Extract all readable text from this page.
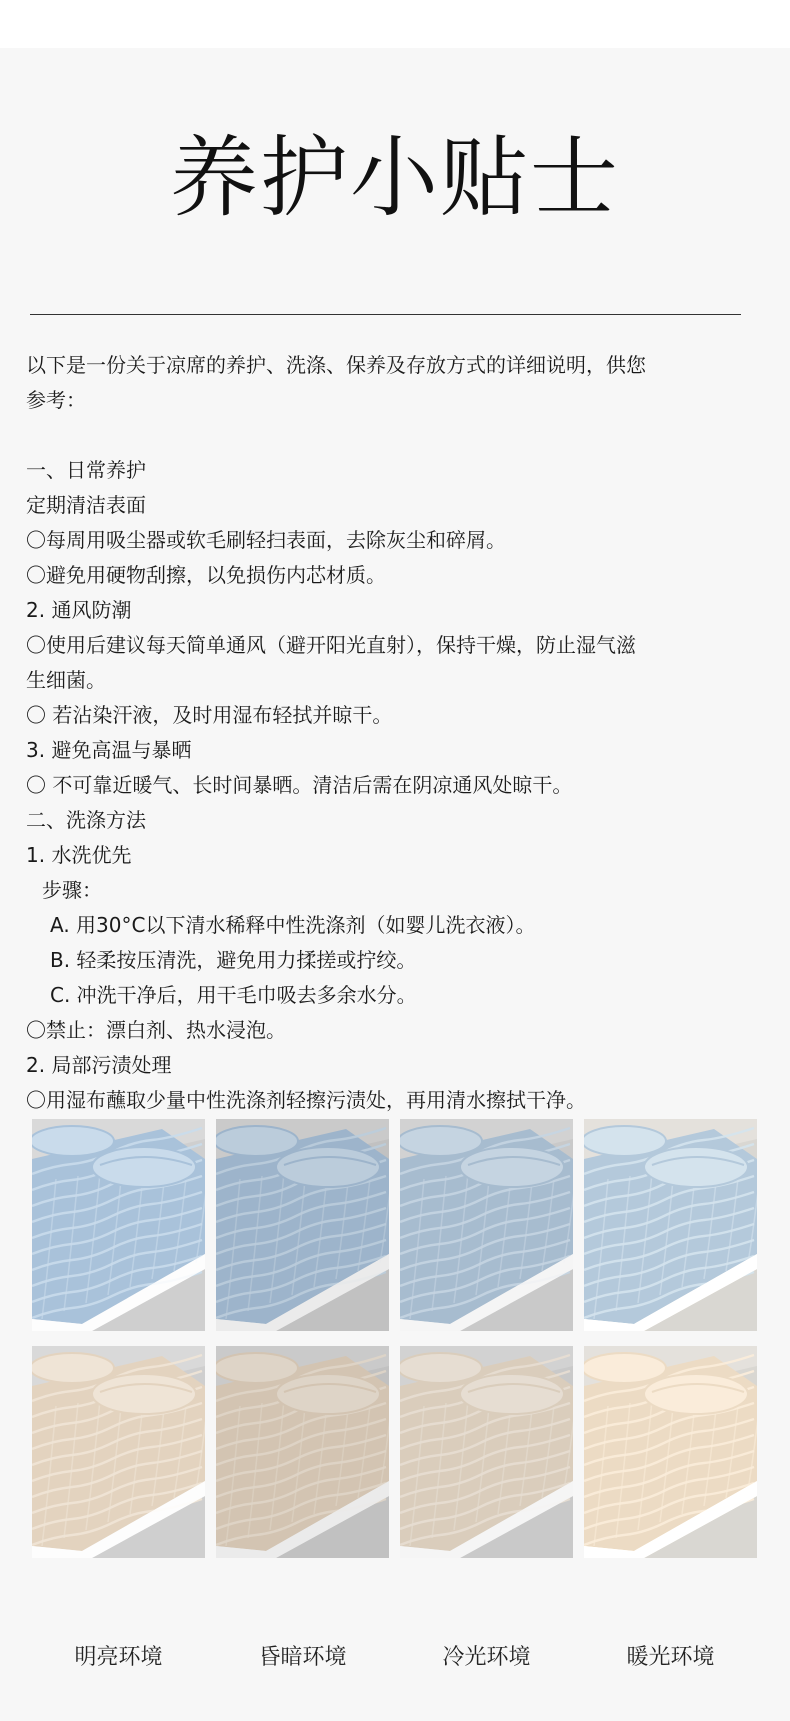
养护小贴士
以下是一份关于凉席的养护、洗涤、保养及存放方式的详细说明，供您
参考：
一、日常养护
定期清洁表面
〇每周用吸尘器或软毛刷轻扫表面，去除灰尘和碎屑。
〇避免用硬物刮擦，以免损伤内芯材质。
2. 通风防潮
〇使用后建议每天简单通风（避开阳光直射），保持干燥，防止湿气滋
生细菌。
〇 若沾染汗液，及时用湿布轻拭并晾干。
3. 避免高温与暴晒
〇 不可靠近暖气、长时间暴晒。清洁后需在阴凉通风处晾干。
二、洗涤方法
1. 水洗优先
步骤：
A. 用30°C以下清水稀释中性洗涤剂（如婴儿洗衣液）。
B. 轻柔按压清洗，避免用力揉搓或拧绞。
C. 冲洗干净后，用干毛巾吸去多余水分。
〇禁止：漂白剂、热水浸泡。
2. 局部污渍处理
〇用湿布蘸取少量中性洗涤剂轻擦污渍处，再用清水擦拭干净。
明亮环境	昏暗环境	冷光环境	暖光环境
